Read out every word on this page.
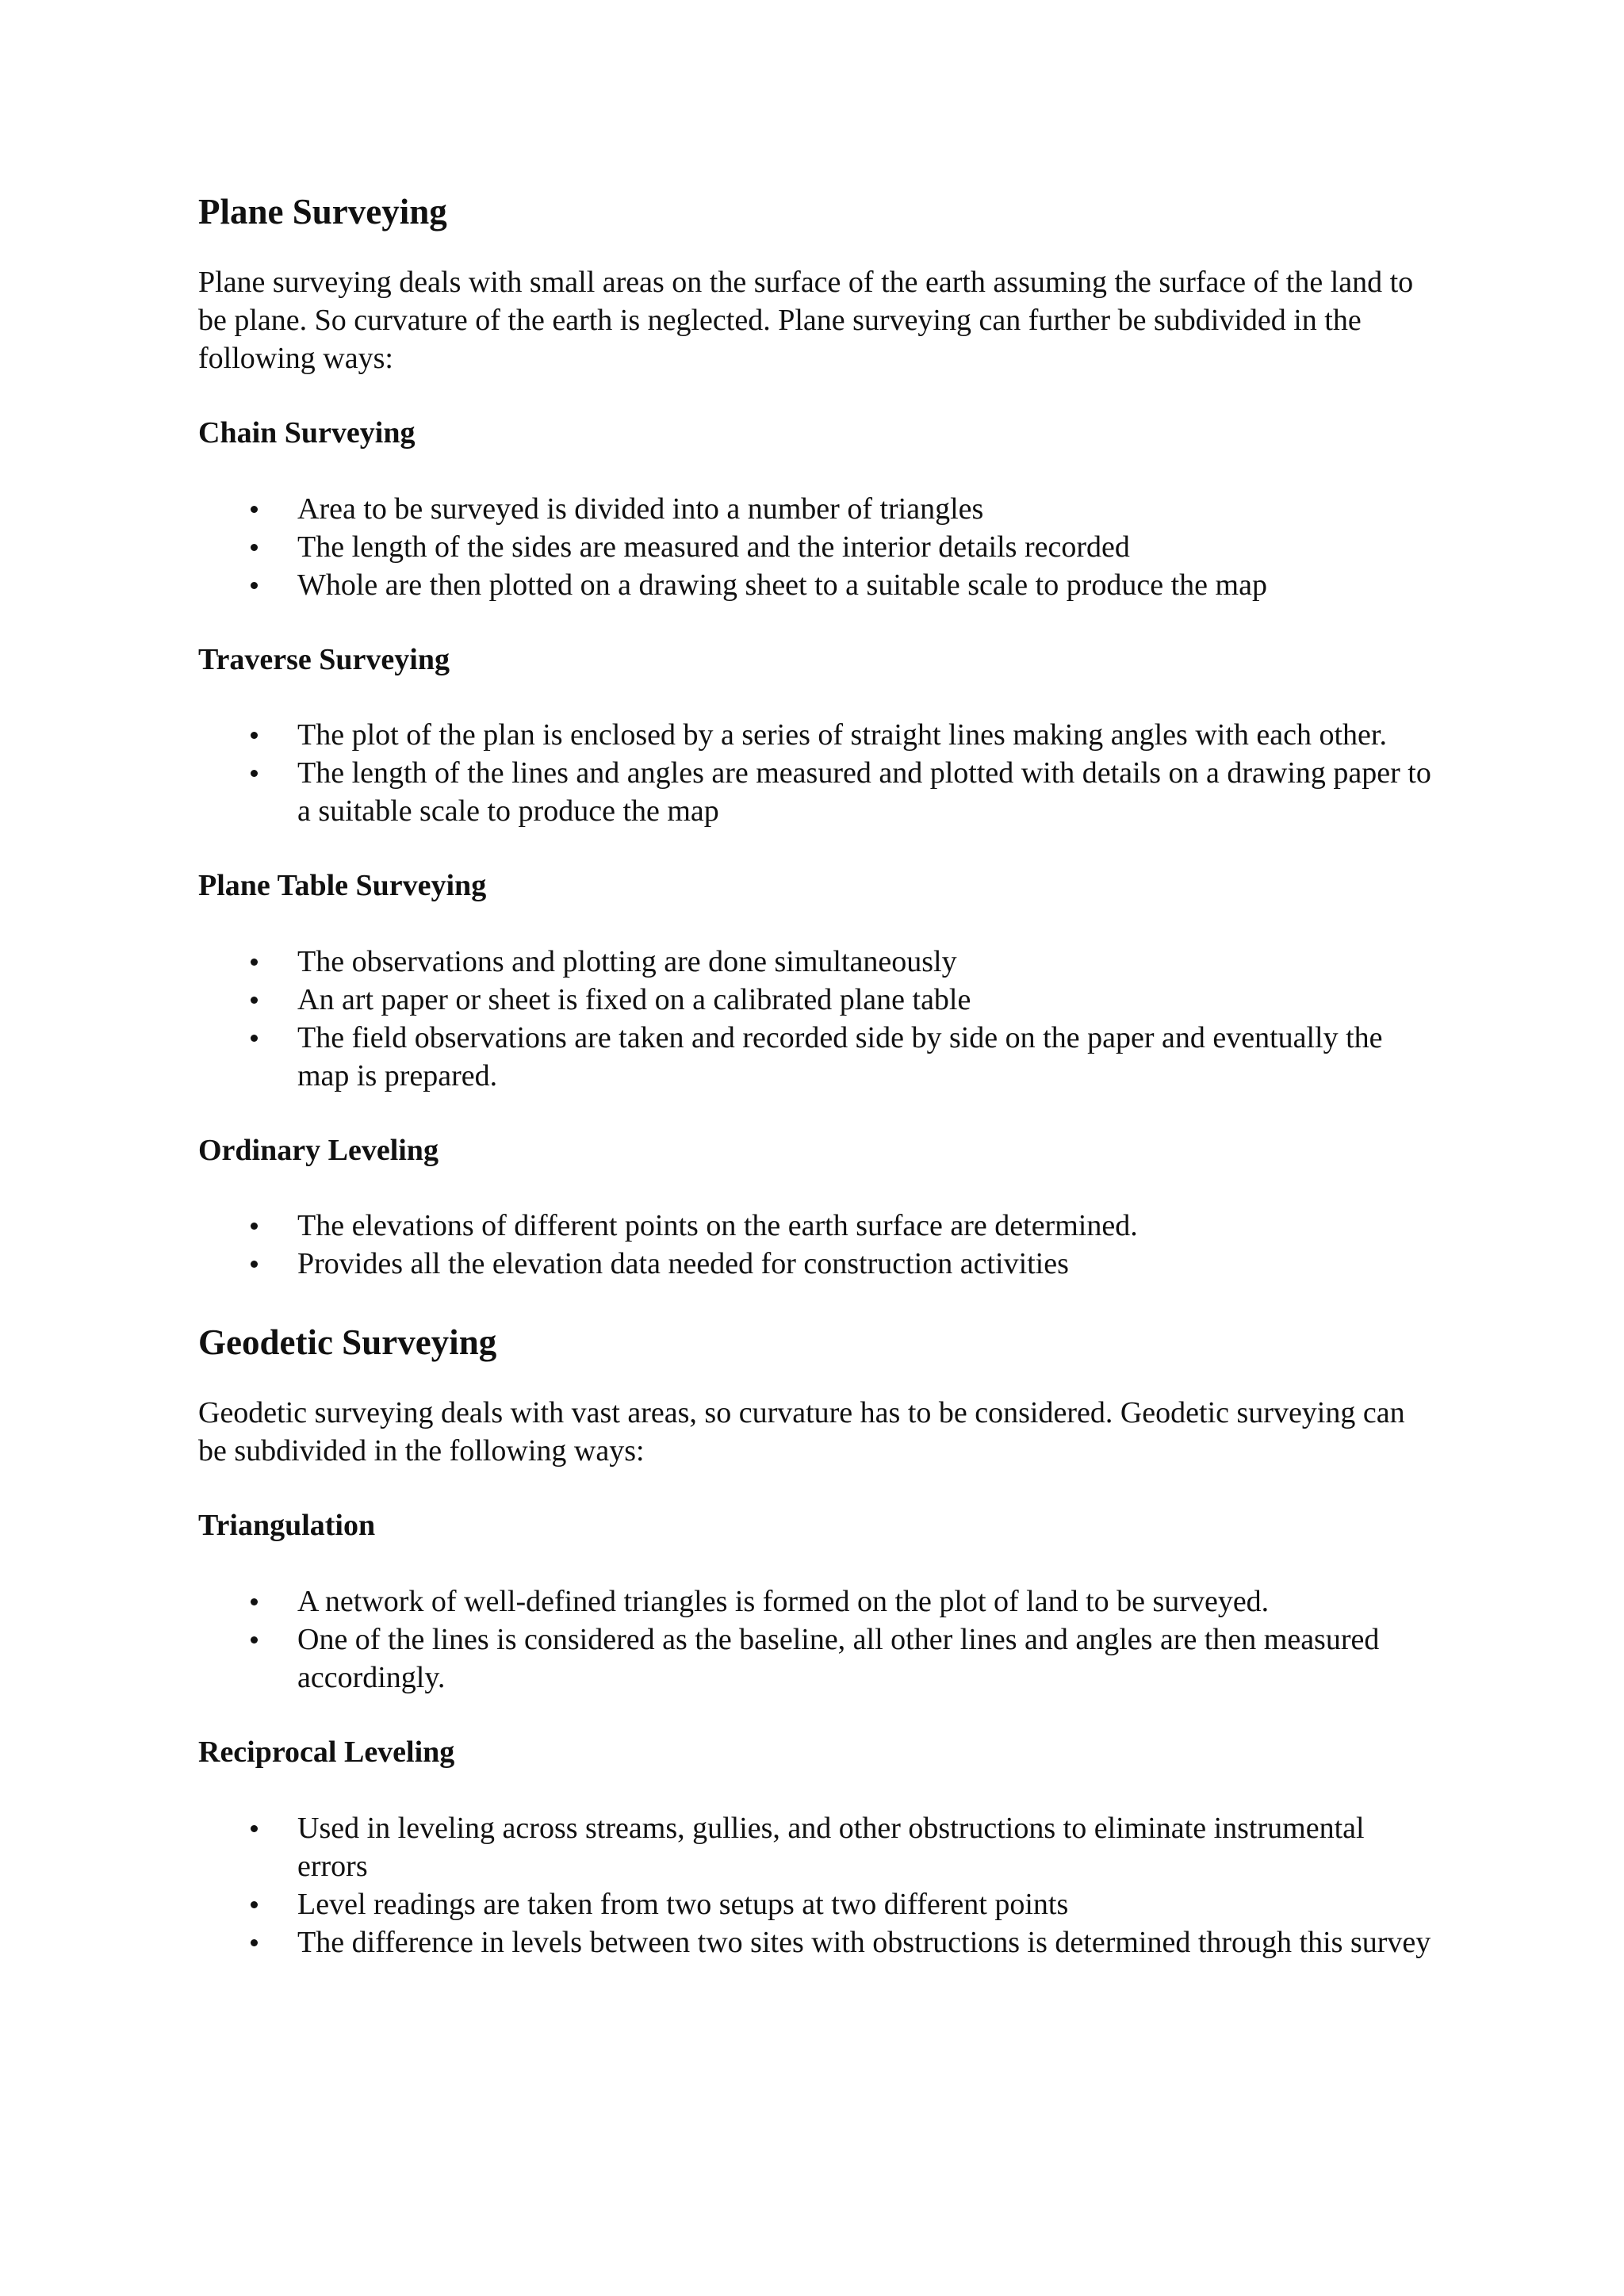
Plane Surveying

Plane surveying deals with small areas on the surface of the earth assuming the surface of the land to be plane. So curvature of the earth is neglected. Plane surveying can further be subdivided in the following ways:

Chain Surveying
Area to be surveyed is divided into a number of triangles
The length of the sides are measured and the interior details recorded
Whole are then plotted on a drawing sheet to a suitable scale to produce the map
Traverse Surveying
The plot of the plan is enclosed by a series of straight lines making angles with each other.
The length of the lines and angles are measured and plotted with details on a drawing paper to a suitable scale to produce the map
Plane Table Surveying
The observations and plotting are done simultaneously
An art paper or sheet is fixed on a calibrated plane table
The field observations are taken and recorded side by side on the paper and eventually the map is prepared.
Ordinary Leveling
The elevations of different points on the earth surface are determined.
Provides all the elevation data needed for construction activities
Geodetic Surveying

Geodetic surveying deals with vast areas, so curvature has to be considered. Geodetic surveying can be subdivided in the following ways:

Triangulation
A network of well-defined triangles is formed on the plot of land to be surveyed.
One of the lines is considered as the baseline, all other lines and angles are then measured accordingly.
Reciprocal Leveling
Used in leveling across streams, gullies, and other obstructions to eliminate instrumental errors
Level readings are taken from two setups at two different points
The difference in levels between two sites with obstructions is determined through this survey
